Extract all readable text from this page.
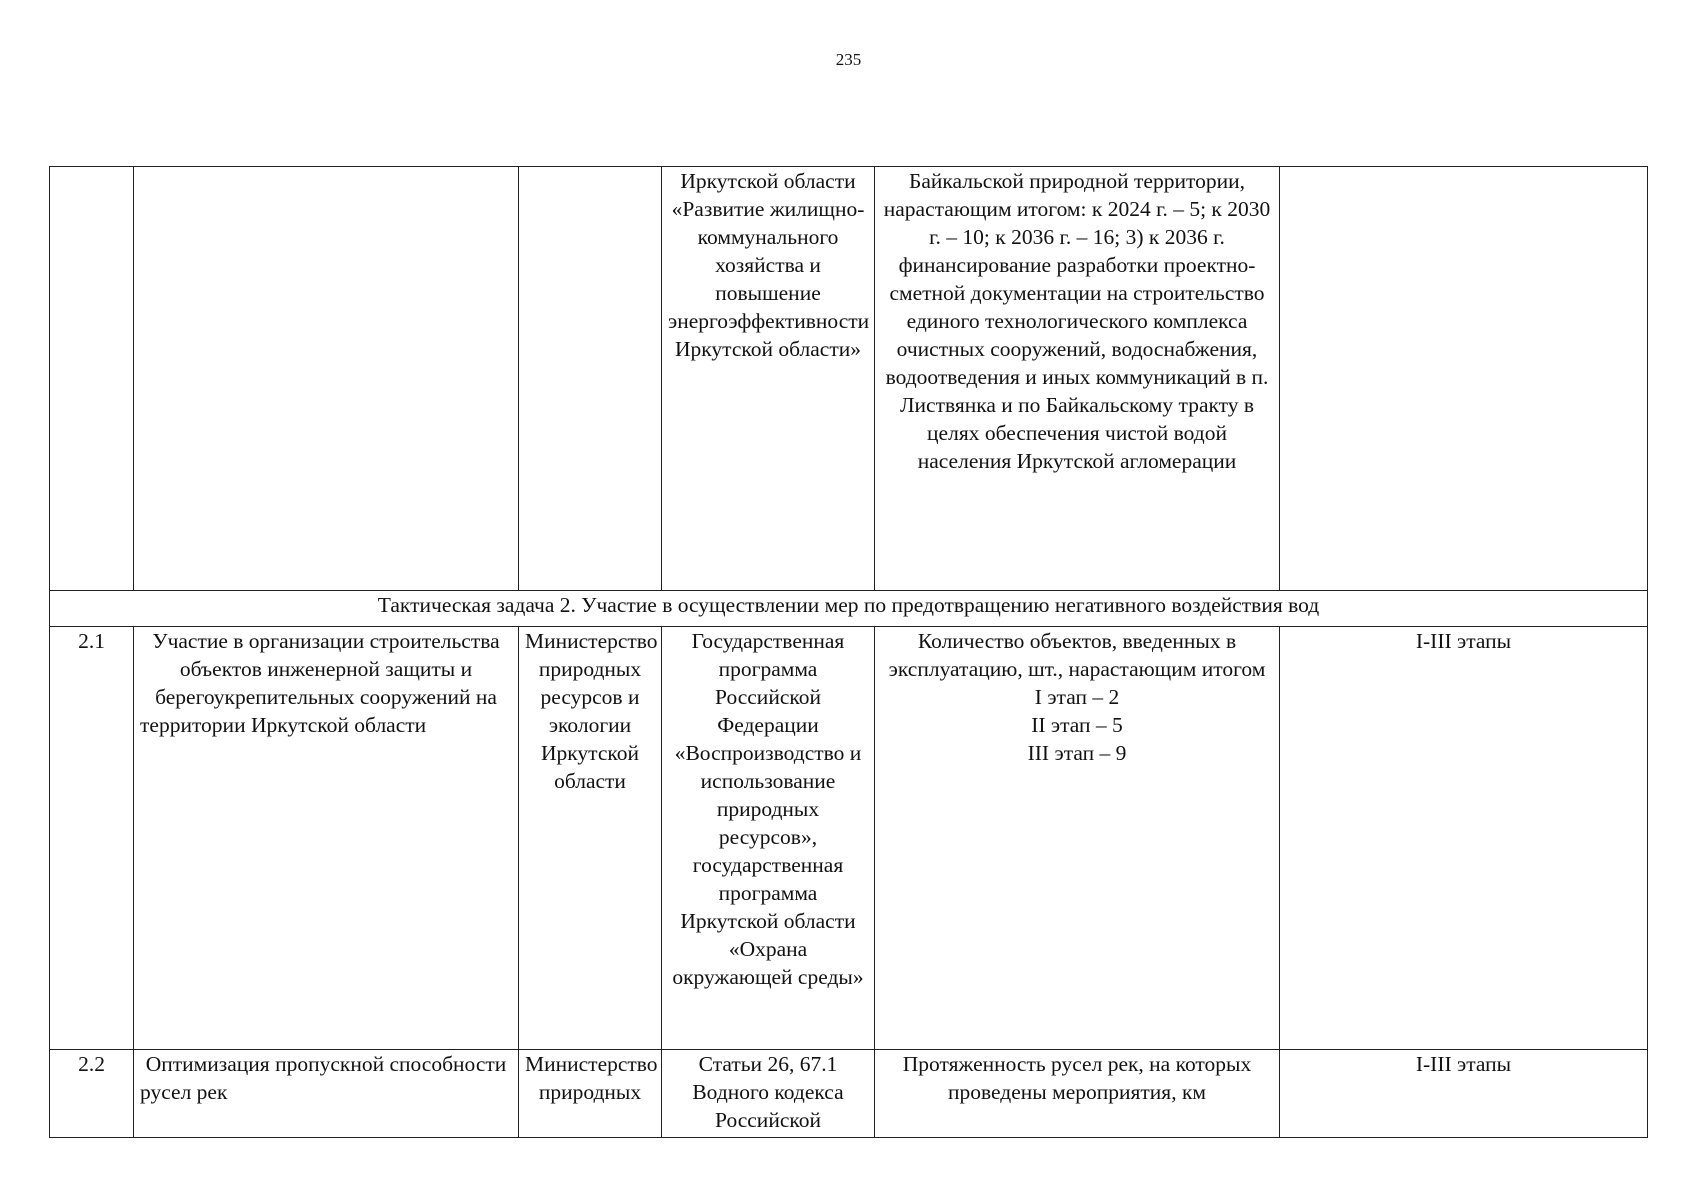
235
			Иркутской области «Развитие жилищно-коммунального хозяйства и повышение энергоэффективности Иркутской области»	Байкальской природной территории, нарастающим итогом: к 2024 г. – 5; к 2030 г. – 10; к 2036 г. – 16; 3) к 2036 г. финансирование разработки проектно-сметной документации на строительство единого технологического комплекса очистных сооружений, водоснабжения, водоотведения и иных коммуникаций в п. Листвянка и по Байкальскому тракту в целях обеспечения чистой водой населения Иркутской агломерации	
Тактическая задача 2. Участие в осуществлении мер по предотвращению негативного воздействия вод					
2.1	Участие в организации строительства объектов инженерной защиты и берегоукрепительных сооружений на территории Иркутской области	Министерство природных ресурсов и экологии Иркутской области	Государственная программа Российской Федерации «Воспроизводство и использование природных ресурсов», государственная программа Иркутской области «Охрана окружающей среды»	Количество объектов, введенных в эксплуатацию, шт., нарастающим итогом
I этап – 2
II этап – 5
III этап – 9	I-III этапы
2.2	Оптимизация пропускной способности русел рек	Министерство природных	Статьи 26, 67.1 Водного кодекса Российской	Протяженность русел рек, на которых проведены мероприятия, км	I-III этапы
